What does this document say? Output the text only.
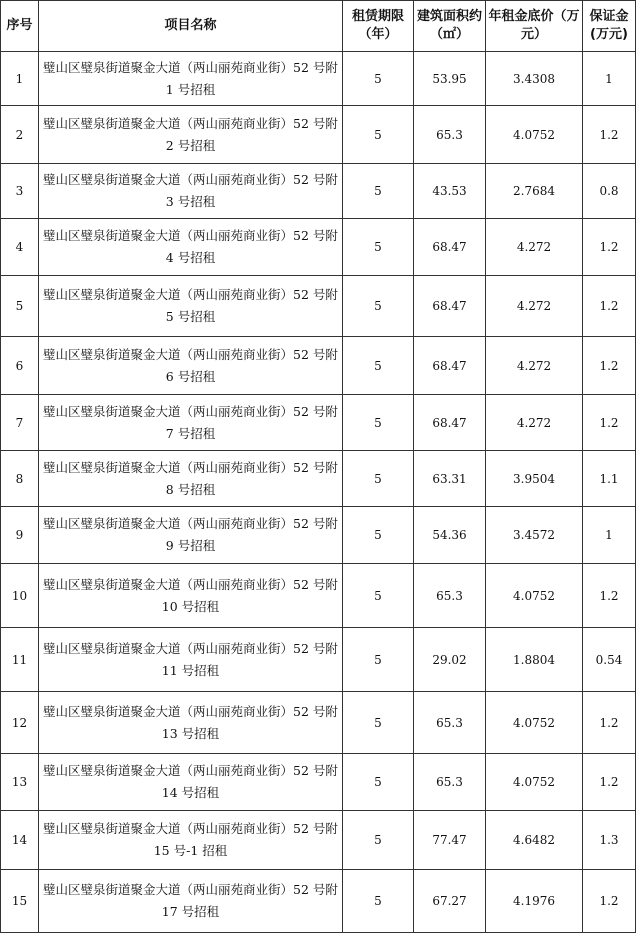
序号	项目名称	租赁期限（年）	建筑面积约（㎡）	年租金底价（万元）	保证金(万元)
1	璧山区璧泉街道聚金大道（两山丽苑商业街）52 号附 1 号招租	5	53.95	3.4308	1
2	璧山区璧泉街道聚金大道（两山丽苑商业街）52 号附 2 号招租	5	65.3	4.0752	1.2
3	璧山区璧泉街道聚金大道（两山丽苑商业街）52 号附 3 号招租	5	43.53	2.7684	0.8
4	璧山区璧泉街道聚金大道（两山丽苑商业街）52 号附 4 号招租	5	68.47	4.272	1.2
5	璧山区璧泉街道聚金大道（两山丽苑商业街）52 号附 5 号招租	5	68.47	4.272	1.2
6	璧山区璧泉街道聚金大道（两山丽苑商业街）52 号附 6 号招租	5	68.47	4.272	1.2
7	璧山区璧泉街道聚金大道（两山丽苑商业街）52 号附 7 号招租	5	68.47	4.272	1.2
8	璧山区璧泉街道聚金大道（两山丽苑商业街）52 号附 8 号招租	5	63.31	3.9504	1.1
9	璧山区璧泉街道聚金大道（两山丽苑商业街）52 号附 9 号招租	5	54.36	3.4572	1
10	璧山区璧泉街道聚金大道（两山丽苑商业街）52 号附 10 号招租	5	65.3	4.0752	1.2
11	璧山区璧泉街道聚金大道（两山丽苑商业街）52 号附 11 号招租	5	29.02	1.8804	0.54
12	璧山区璧泉街道聚金大道（两山丽苑商业街）52 号附 13 号招租	5	65.3	4.0752	1.2
13	璧山区璧泉街道聚金大道（两山丽苑商业街）52 号附 14 号招租	5	65.3	4.0752	1.2
14	璧山区璧泉街道聚金大道（两山丽苑商业街）52 号附 15 号-1 招租	5	77.47	4.6482	1.3
15	璧山区璧泉街道聚金大道（两山丽苑商业街）52 号附 17 号招租	5	67.27	4.1976	1.2
